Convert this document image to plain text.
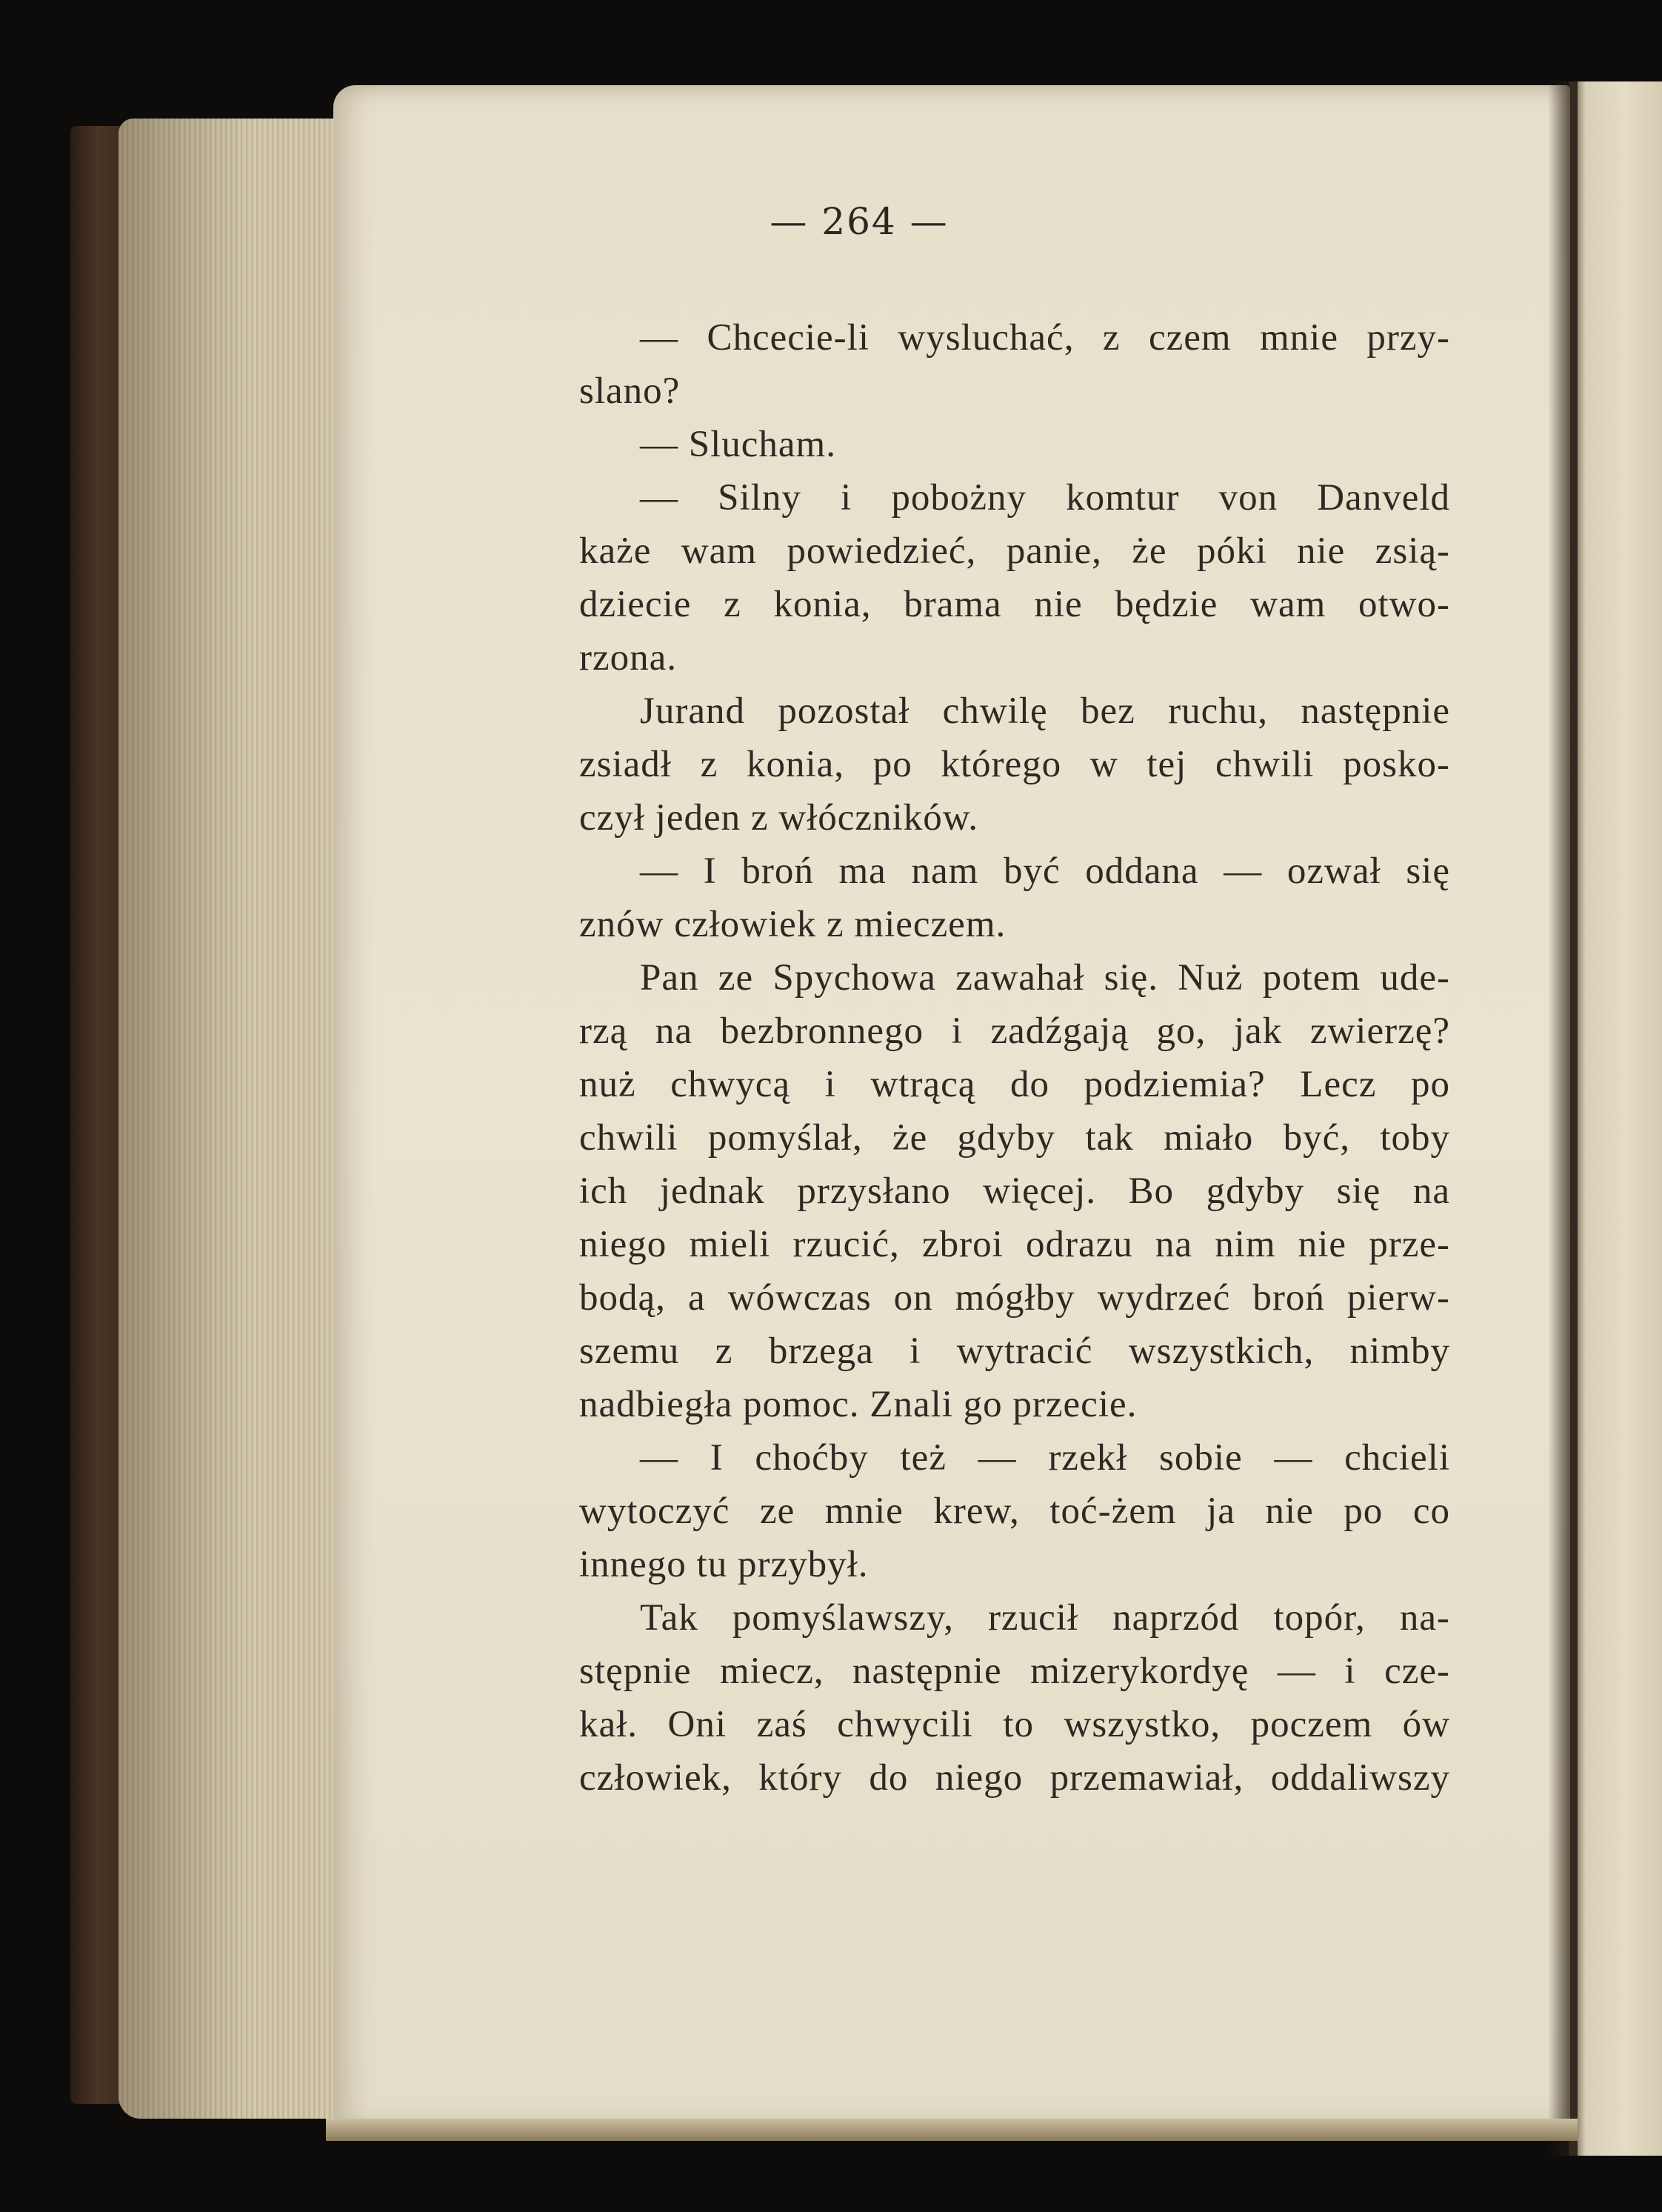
— 264 —
— Chcecie-li wysluchać, z czem mnie przy-
slano?
— Slucham.
— Silny i pobożny komtur von Danveld
każe wam powiedzieć, panie, że póki nie zsią-
dziecie z konia, brama nie będzie wam otwo-
rzona.
Jurand pozostał chwilę bez ruchu, następnie
zsiadł z konia, po którego w tej chwili posko-
czył jeden z włóczników.
— I broń ma nam być oddana — ozwał się
znów człowiek z mieczem.
Pan ze Spychowa zawahał się. Nuż potem ude-
rzą na bezbronnego i zadźgają go, jak zwierzę?
nuż chwycą i wtrącą do podziemia? Lecz po
chwili pomyślał, że gdyby tak miało być, toby
ich jednak przysłano więcej. Bo gdyby się na
niego mieli rzucić, zbroi odrazu na nim nie prze-
bodą, a wówczas on mógłby wydrzeć broń pierw-
szemu z brzega i wytracić wszystkich, nimby
nadbiegła pomoc. Znali go przecie.
— I choćby też — rzekł sobie — chcieli
wytoczyć ze mnie krew, toć-żem ja nie po co
innego tu przybył.
Tak pomyślawszy, rzucił naprzód topór, na-
stępnie miecz, następnie mizerykordyę — i cze-
kał. Oni zaś chwycili to wszystko, poczem ów
człowiek, który do niego przemawiał, oddaliwszy
